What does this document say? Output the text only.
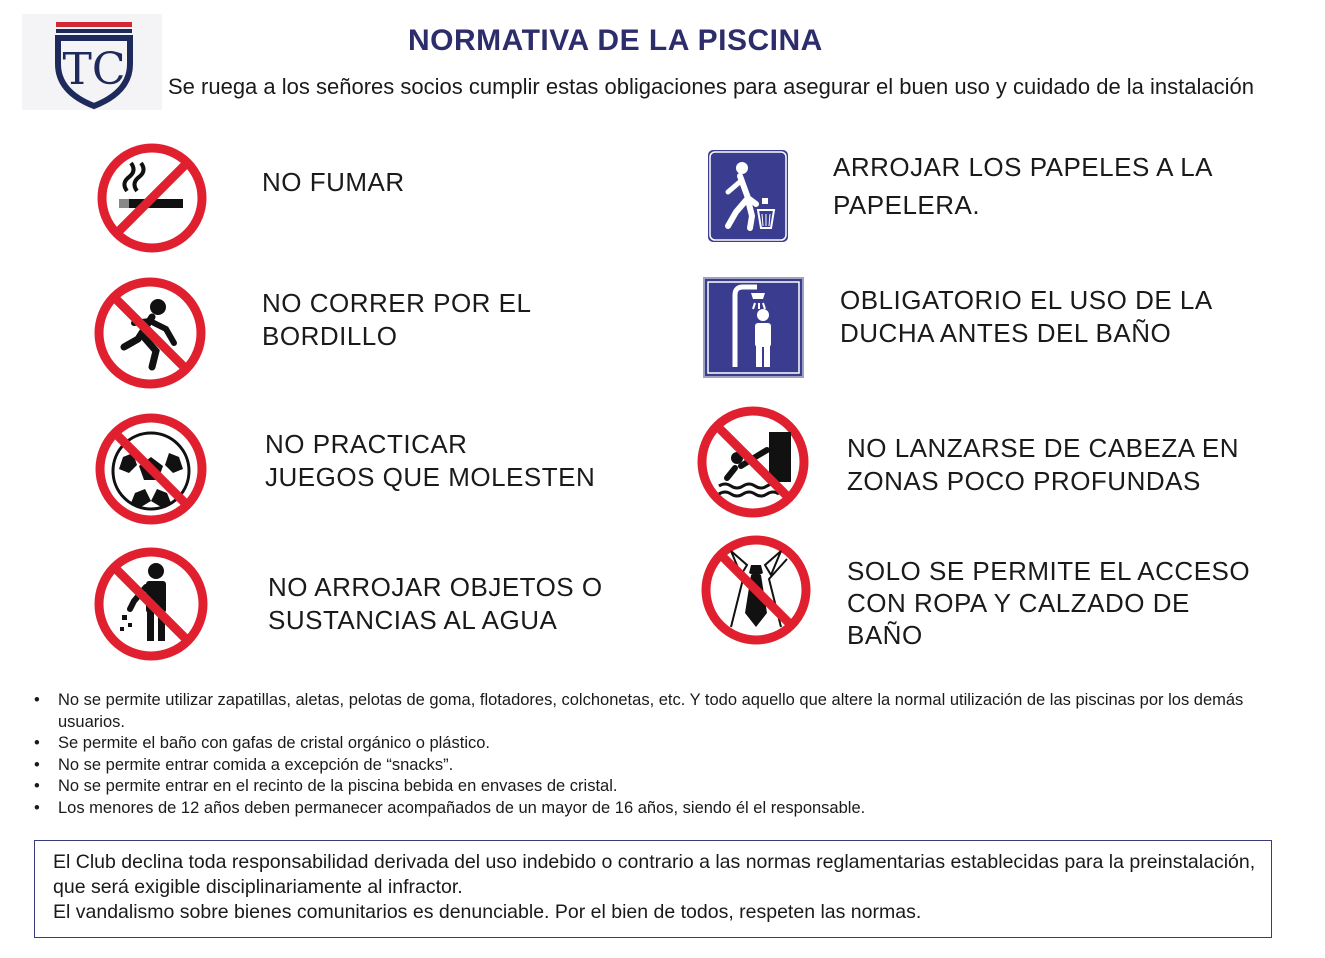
TC
NORMATIVA DE LA PISCINA
Se ruega a los señores socios cumplir estas obligaciones para asegurar el buen uso y cuidado de la instalación
NO FUMAR
NO CORRER POR EL
BORDILLO
NO PRACTICAR
JUEGOS QUE MOLESTEN
NO ARROJAR OBJETOS O
SUSTANCIAS AL AGUA
ARROJAR LOS PAPELES A LA
PAPELERA.
OBLIGATORIO EL USO DE LA
DUCHA ANTES DEL BAÑO
NO LANZARSE DE CABEZA EN
ZONAS POCO PROFUNDAS
SOLO SE PERMITE EL ACCESO
CON ROPA Y CALZADO DE
BAÑO
• No se permite utilizar zapatillas, aletas, pelotas de goma, flotadores, colchonetas, etc. Y todo aquello que altere la normal utilización de las piscinas por los demás usuarios.
• Se permite el baño con gafas de cristal orgánico o plástico.
• No se permite entrar comida a excepción de “snacks”.
• No se permite entrar en el recinto de la piscina bebida en envases de cristal.
• Los menores de 12 años deben permanecer acompañados de un mayor de 16 años, siendo él el responsable.
El Club declina toda responsabilidad derivada del uso indebido o contrario a las normas reglamentarias establecidas para la preinstalación, que será exigible disciplinariamente al infractor.
El vandalismo sobre bienes comunitarios es denunciable. Por el bien de todos, respeten las normas.
